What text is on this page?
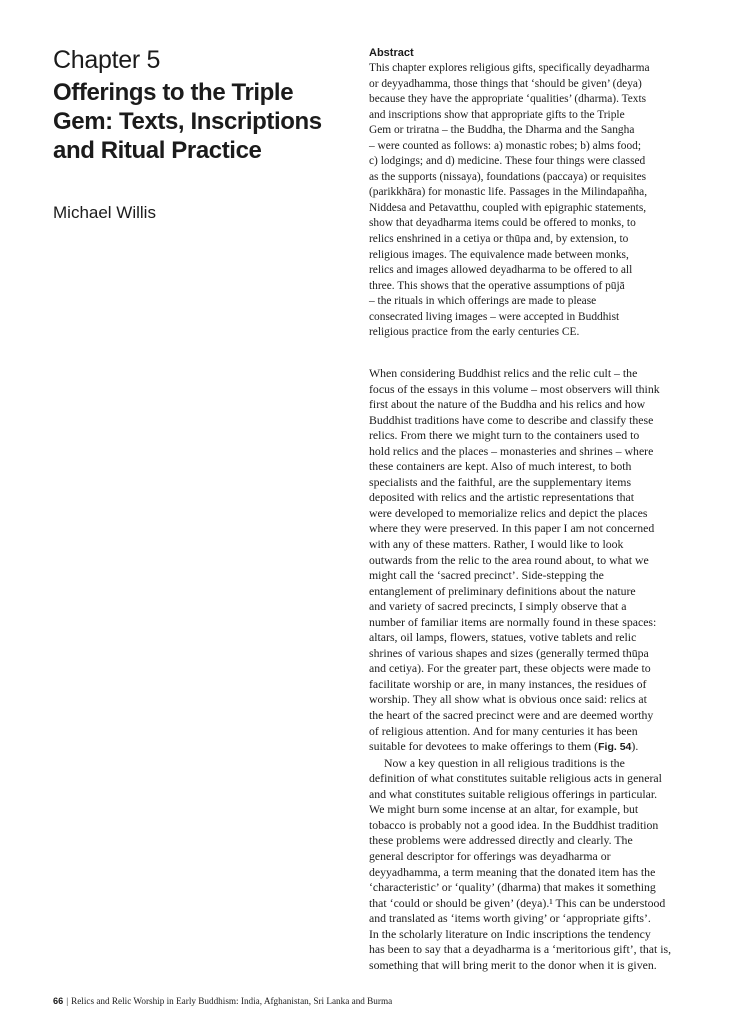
Chapter 5

Offerings to the Triple
Gem: Texts, Inscriptions
and Ritual Practice

Michael Willis

Abstract

This chapter explores religious gifts, specifically deyadharma
or deyyadhamma, those things that ‘should be given’ (deya)
because they have the appropriate ‘qualities’ (dharma). Texts
and inscriptions show that appropriate gifts to the Triple
Gem or triratna – the Buddha, the Dharma and the Sangha
– were counted as follows: a) monastic robes; b) alms food;
c) lodgings; and d) medicine. These four things were classed
as the supports (nissaya), foundations (paccaya) or requisites
(parikkhāra) for monastic life. Passages in the Milindapañha,
Niddesa and Petavatthu, coupled with epigraphic statements,
show that deyadharma items could be offered to monks, to
relics enshrined in a cetiya or thūpa and, by extension, to
religious images. The equivalence made between monks,
relics and images allowed deyadharma to be offered to all
three. This shows that the operative assumptions of pūjā
– the rituals in which offerings are made to please
consecrated living images – were accepted in Buddhist
religious practice from the early centuries CE.
When considering Buddhist relics and the relic cult – the
focus of the essays in this volume – most observers will think
first about the nature of the Buddha and his relics and how
Buddhist traditions have come to describe and classify these
relics. From there we might turn to the containers used to
hold relics and the places – monasteries and shrines – where
these containers are kept. Also of much interest, to both
specialists and the faithful, are the supplementary items
deposited with relics and the artistic representations that
were developed to memorialize relics and depict the places
where they were preserved. In this paper I am not concerned
with any of these matters. Rather, I would like to look
outwards from the relic to the area round about, to what we
might call the ‘sacred precinct’. Side-stepping the
entanglement of preliminary definitions about the nature
and variety of sacred precincts, I simply observe that a
number of familiar items are normally found in these spaces:
altars, oil lamps, flowers, statues, votive tablets and relic
shrines of various shapes and sizes (generally termed thūpa
and cetiya). For the greater part, these objects were made to
facilitate worship or are, in many instances, the residues of
worship. They all show what is obvious once said: relics at
the heart of the sacred precinct were and are deemed worthy
of religious attention. And for many centuries it has been
suitable for devotees to make offerings to them (Fig. 54).
Now a key question in all religious traditions is the
definition of what constitutes suitable religious acts in general
and what constitutes suitable religious offerings in particular.
We might burn some incense at an altar, for example, but
tobacco is probably not a good idea. In the Buddhist tradition
these problems were addressed directly and clearly. The
general descriptor for offerings was deyadharma or
deyyadhamma, a term meaning that the donated item has the
‘characteristic’ or ‘quality’ (dharma) that makes it something
that ‘could or should be given’ (deya).¹ This can be understood
and translated as ‘items worth giving’ or ‘appropriate gifts’.
In the scholarly literature on Indic inscriptions the tendency
has been to say that a deyadharma is a ‘meritorious gift’, that is,
something that will bring merit to the donor when it is given.
66 | Relics and Relic Worship in Early Buddhism: India, Afghanistan, Sri Lanka and Burma
